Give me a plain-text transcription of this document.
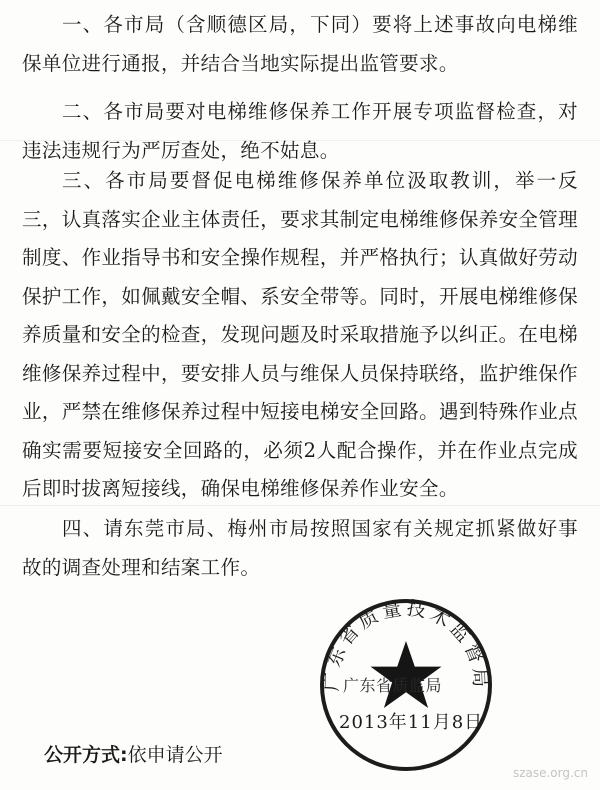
一、各市局（含顺德区局，下同）要将上述事故向电梯维保单位进行通报，并结合当地实际提出监管要求。

二、各市局要对电梯维修保养工作开展专项监督检查，对违法违规行为严厉查处，绝不姑息。

三、各市局要督促电梯维修保养单位汲取教训，举一反三，认真落实企业主体责任，要求其制定电梯维修保养安全管理制度、作业指导书和安全操作规程，并严格执行；认真做好劳动保护工作，如佩戴安全帽、系安全带等。同时，开展电梯维修保养质量和安全的检查，发现问题及时采取措施予以纠正。在电梯维修保养过程中，要安排人员与维保人员保持联络，监护维保作业，严禁在维修保养过程中短接电梯安全回路。遇到特殊作业点确实需要短接安全回路的，必须2人配合操作，并在作业点完成后即时拔离短接线，确保电梯维修保养作业安全。

四、请东莞市局、梅州市局按照国家有关规定抓紧做好事故的调查处理和结案工作。

广东省质量技术监督局
广东省质监局
2013年11月8日
公开方式:依申请公开
szase.org.cn
